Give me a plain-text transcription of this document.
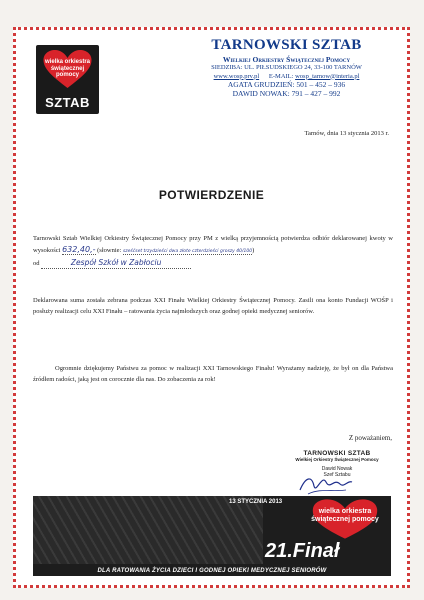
wielka orkiestra świątecznej pomocy
SZTAB
TARNOWSKI SZTAB
Wielkiej Orkiestry Świątecznej Pomocy
SIEDZIBA: UL. PIŁSUDSKIEGO 24, 33-100 TARNÓW
www.wosp.prv.pl E-MAIL: wosp_tarnow@interia.pl
AGATA GRUDZIEŃ: 501 – 452 – 936
DAWID NOWAK: 791 – 427 – 992
Tarnów, dnia 13 stycznia 2013 r.
POTWIERDZENIE
Tarnowski Sztab Wielkiej Orkiestry Świątecznej Pomocy przy PM z wielką przyjemnością potwierdza odbiór deklarowanej kwoty w wysokości 632,40,- (słownie: sześćset trzydzieści dwa złote czterdzieści groszy 40/100)
od	Zespół Szkół w Zabłociu
Deklarowana suma została zebrana podczas XXI Finału Wielkiej Orkiestry Świątecznej Pomocy. Zasili ona konto Fundacji WOŚP i posłuży realizacji celu XXI Finału – ratowania życia najmłodszych oraz godnej opieki medycznej seniorów.
Ogromnie dziękujemy Państwu za pomoc w realizacji XXI Tarnowskiego Finału! Wyrażamy nadzieję, że był on dla Państwa źródłem radości, jaką jest on corocznie dla nas. Do zobaczenia za rok!
Z poważaniem,
TARNOWSKI SZTAB
Wielkiej Orkiestry Świątecznej Pomocy
Dawid Nowak
Szef Sztabu
13 STYCZNIA 2013
wielka orkiestra świątecznej pomocy
21.Finał
DLA RATOWANIA ŻYCIA DZIECI I GODNEJ OPIEKI MEDYCZNEJ SENIORÓW
